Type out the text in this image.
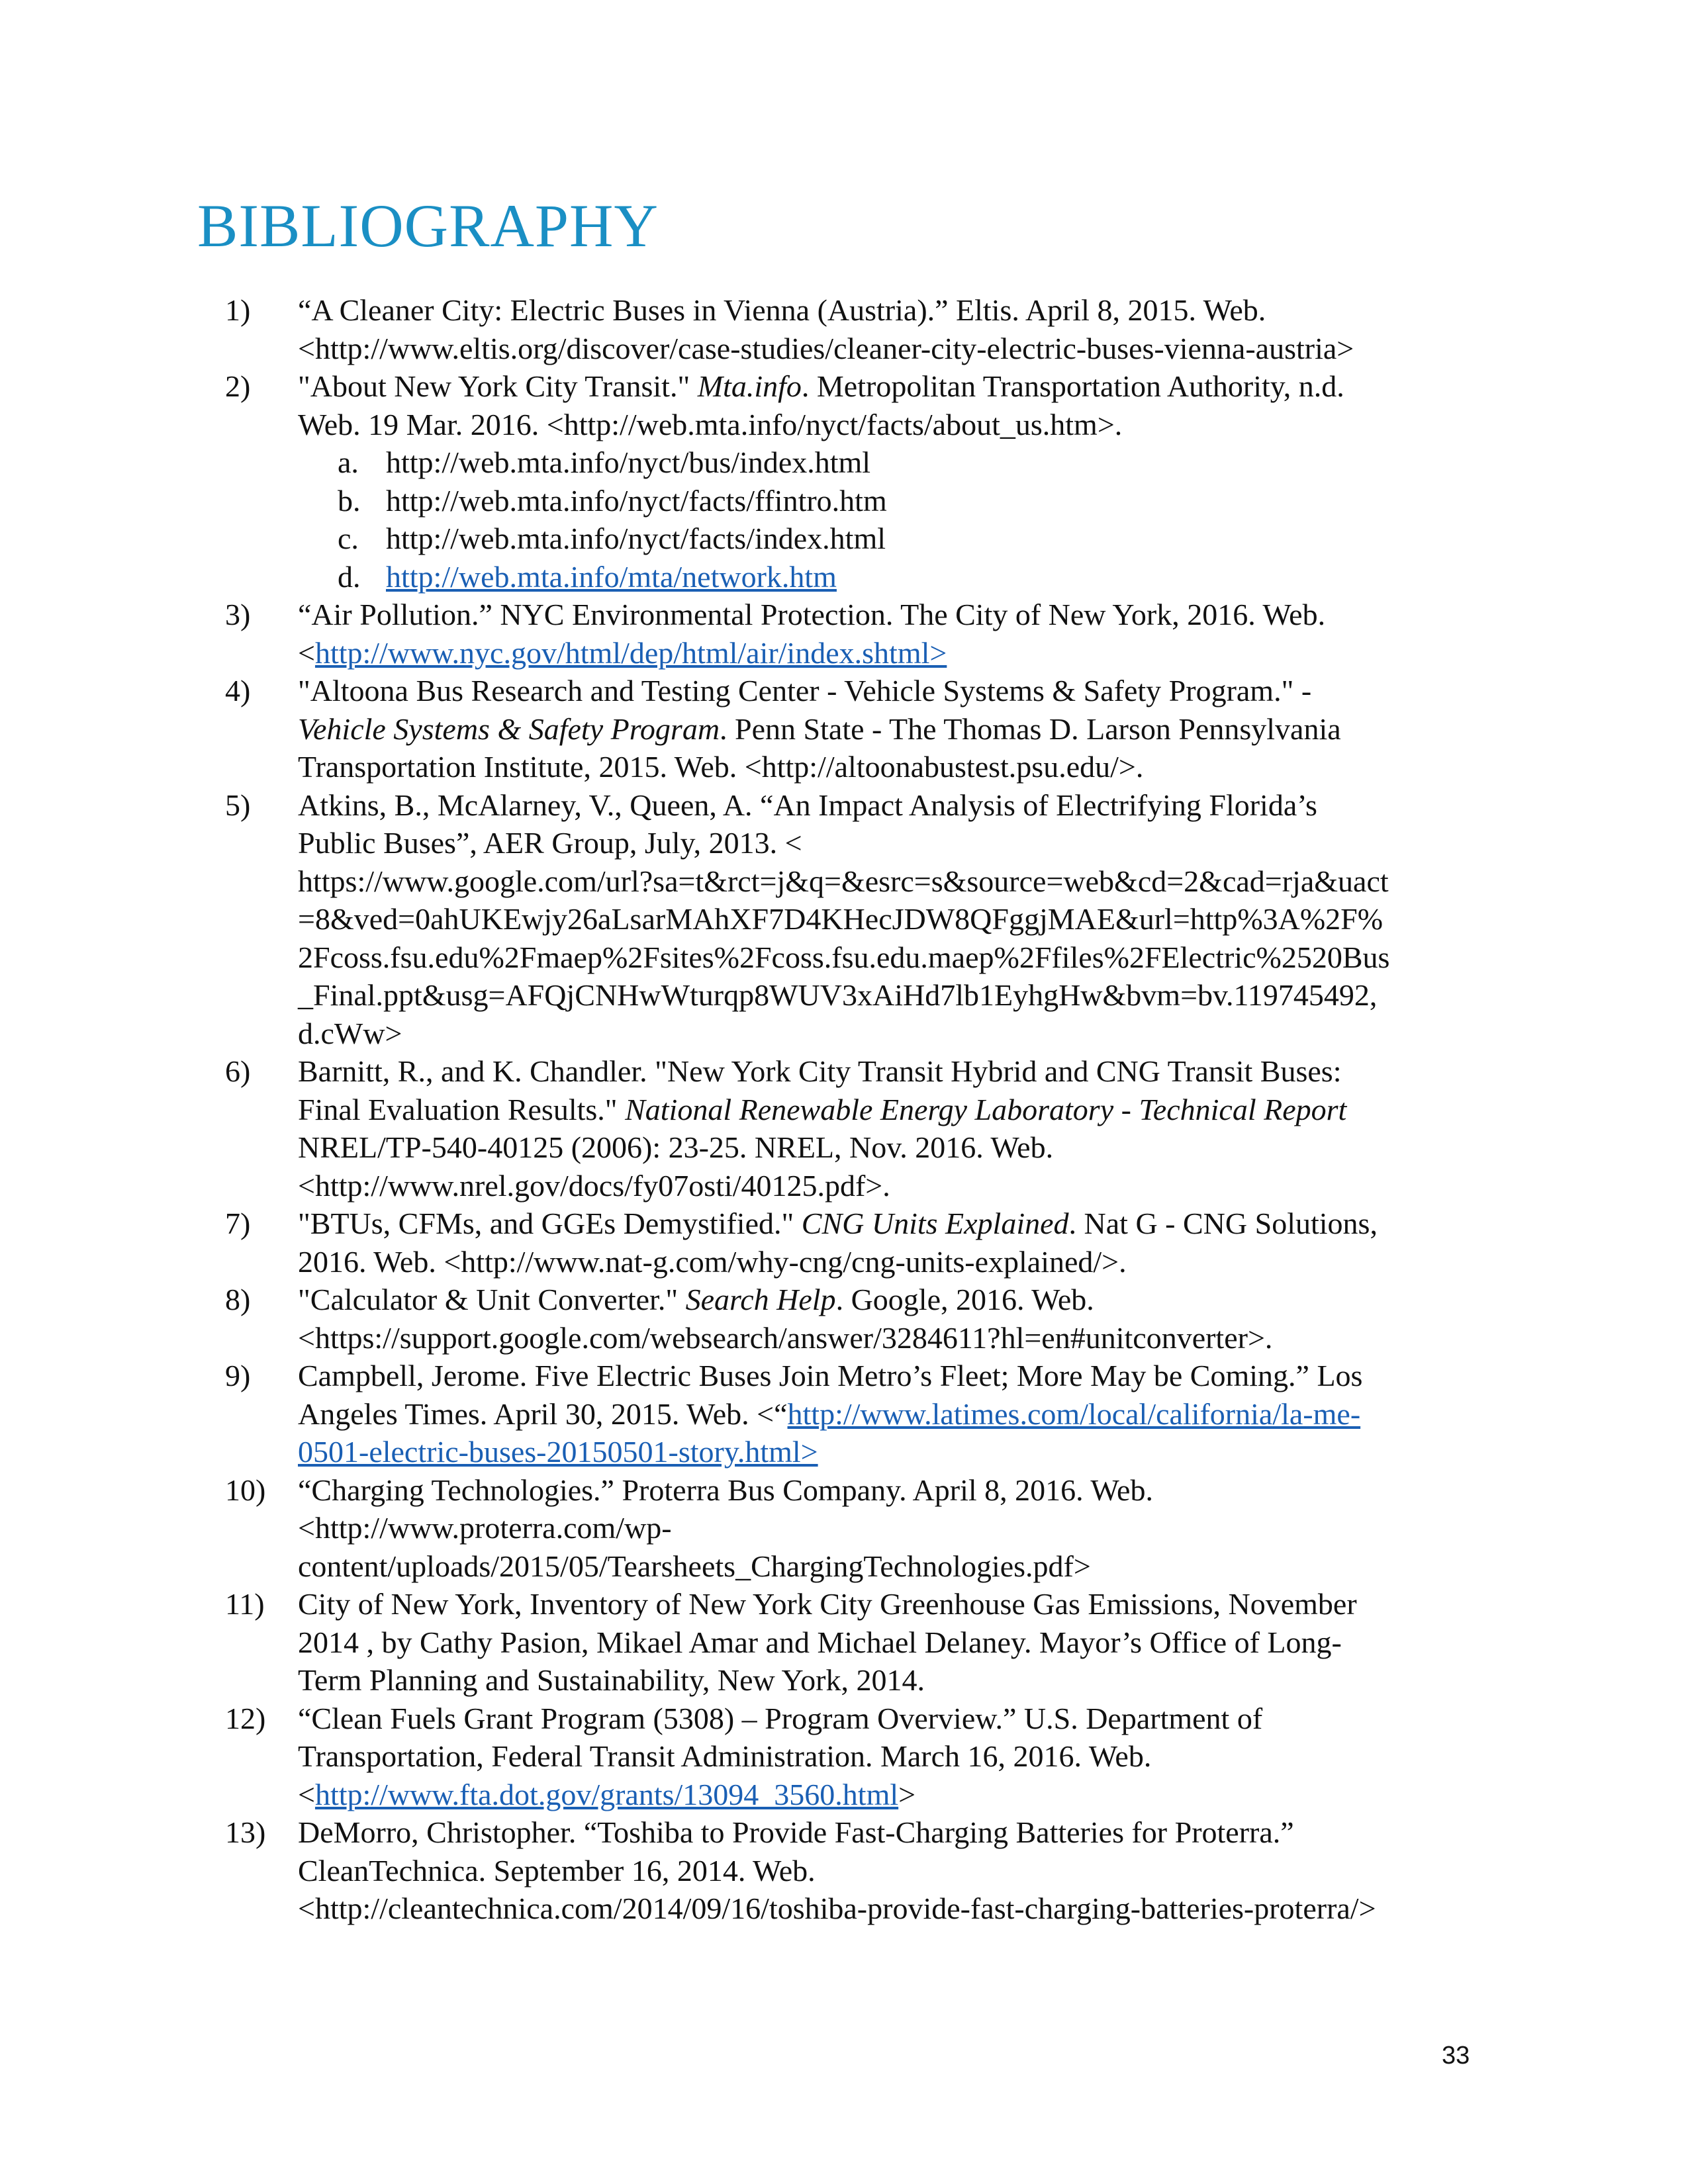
BIBLIOGRAPHY
1)	“A Cleaner City: Electric Buses in Vienna (Austria).” Eltis. April 8, 2015. Web.
<http://www.eltis.org/discover/case-studies/cleaner-city-electric-buses-vienna-austria>
2)	"About New York City Transit." Mta.info. Metropolitan Transportation Authority, n.d.
Web. 19 Mar. 2016. <http://web.mta.info/nyct/facts/about_us.htm>.
a. http://web.mta.info/nyct/bus/index.html
b. http://web.mta.info/nyct/facts/ffintro.htm
c. http://web.mta.info/nyct/facts/index.html
d. http://web.mta.info/mta/network.htm
3)	“Air Pollution.” NYC Environmental Protection. The City of New York, 2016. Web.
<http://www.nyc.gov/html/dep/html/air/index.shtml>
4)	"Altoona Bus Research and Testing Center - Vehicle Systems & Safety Program." -
Vehicle Systems & Safety Program. Penn State - The Thomas D. Larson Pennsylvania
Transportation Institute, 2015. Web. <http://altoonabustest.psu.edu/>.
5)	Atkins, B., McAlarney, V., Queen, A. “An Impact Analysis of Electrifying Florida’s
Public Buses”, AER Group, July, 2013. <
https://www.google.com/url?sa=t&rct=j&q=&esrc=s&source=web&cd=2&cad=rja&uact
=8&ved=0ahUKEwjy26aLsarMAhXF7D4KHecJDW8QFggjMAE&url=http%3A%2F%
2Fcoss.fsu.edu%2Fmaep%2Fsites%2Fcoss.fsu.edu.maep%2Ffiles%2FElectric%2520Bus
_Final.ppt&usg=AFQjCNHwWturqp8WUV3xAiHd7lb1EyhgHw&bvm=bv.119745492,
d.cWw>
6)	Barnitt, R., and K. Chandler. "New York City Transit Hybrid and CNG Transit Buses:
Final Evaluation Results." National Renewable Energy Laboratory - Technical Report
NREL/TP-540-40125 (2006): 23-25. NREL, Nov. 2016. Web.
<http://www.nrel.gov/docs/fy07osti/40125.pdf>.
7)	"BTUs, CFMs, and GGEs Demystified." CNG Units Explained. Nat G - CNG Solutions,
2016. Web. <http://www.nat-g.com/why-cng/cng-units-explained/>.
8)	"Calculator & Unit Converter." Search Help. Google, 2016. Web.
<https://support.google.com/websearch/answer/3284611?hl=en#unitconverter>.
9)	Campbell, Jerome. Five Electric Buses Join Metro’s Fleet; More May be Coming.” Los
Angeles Times. April 30, 2015. Web. <“http://www.latimes.com/local/california/la-me-
0501-electric-buses-20150501-story.html>
10)	“Charging Technologies.” Proterra Bus Company. April 8, 2016. Web.
<http://www.proterra.com/wp-
content/uploads/2015/05/Tearsheets_ChargingTechnologies.pdf>
11)	City of New York, Inventory of New York City Greenhouse Gas Emissions, November
2014 , by Cathy Pasion, Mikael Amar and Michael Delaney. Mayor’s Office of Long-
Term Planning and Sustainability, New York, 2014.
12)	“Clean Fuels Grant Program (5308) – Program Overview.” U.S. Department of
Transportation, Federal Transit Administration. March 16, 2016. Web.
<http://www.fta.dot.gov/grants/13094_3560.html>
13)	DeMorro, Christopher. “Toshiba to Provide Fast-Charging Batteries for Proterra.”
CleanTechnica. September 16, 2014. Web.
<http://cleantechnica.com/2014/09/16/toshiba-provide-fast-charging-batteries-proterra/>
33
